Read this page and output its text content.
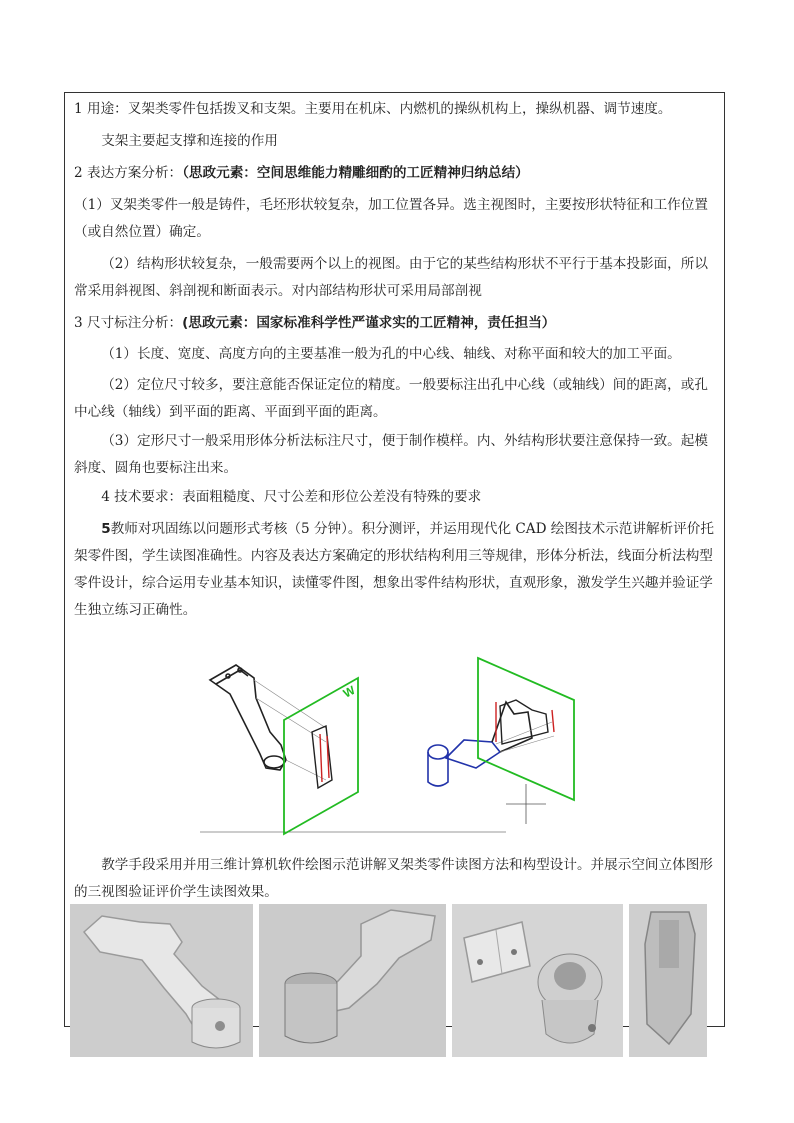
1 用途：叉架类零件包括拨叉和支架。主要用在机床、内燃机的操纵机构上，操纵机器、调节速度。

支架主要起支撑和连接的作用

2 表达方案分析：（思政元素：空间思维能力精雕细酌的工匠精神归纳总结）

（1）叉架类零件一般是铸件，毛坯形状较复杂，加工位置各异。选主视图时，主要按形状特征和工作位置（或自然位置）确定。

（2）结构形状较复杂，一般需要两个以上的视图。由于它的某些结构形状不平行于基本投影面，所以常采用斜视图、斜剖视和断面表示。对内部结构形状可采用局部剖视

3 尺寸标注分析：(思政元素：国家标准科学性严谨求实的工匠精神，责任担当）

（1）长度、宽度、高度方向的主要基准一般为孔的中心线、轴线、对称平面和较大的加工平面。

（2）定位尺寸较多，要注意能否保证定位的精度。一般要标注出孔中心线（或轴线）间的距离，或孔中心线（轴线）到平面的距离、平面到平面的距离。

（3）定形尺寸一般采用形体分析法标注尺寸，便于制作模样。内、外结构形状要注意保持一致。起模斜度、圆角也要标注出来。

4 技术要求：表面粗糙度、尺寸公差和形位公差没有特殊的要求

5教师对巩固练以问题形式考核（5 分钟）。积分测评，并运用现代化 CAD 绘图技术示范讲解析评价托架零件图，学生读图准确性。内容及表达方案确定的形状结构利用三等规律，形体分析法，线面分析法构型零件设计，综合运用专业基本知识，读懂零件图，想象出零件结构形状，直观形象，激发学生兴趣并验证学生独立练习正确性。

W

教学手段采用并用三维计算机软件绘图示范讲解叉架类零件读图方法和构型设计。并展示空间立体图形的三视图验证评价学生读图效果。
